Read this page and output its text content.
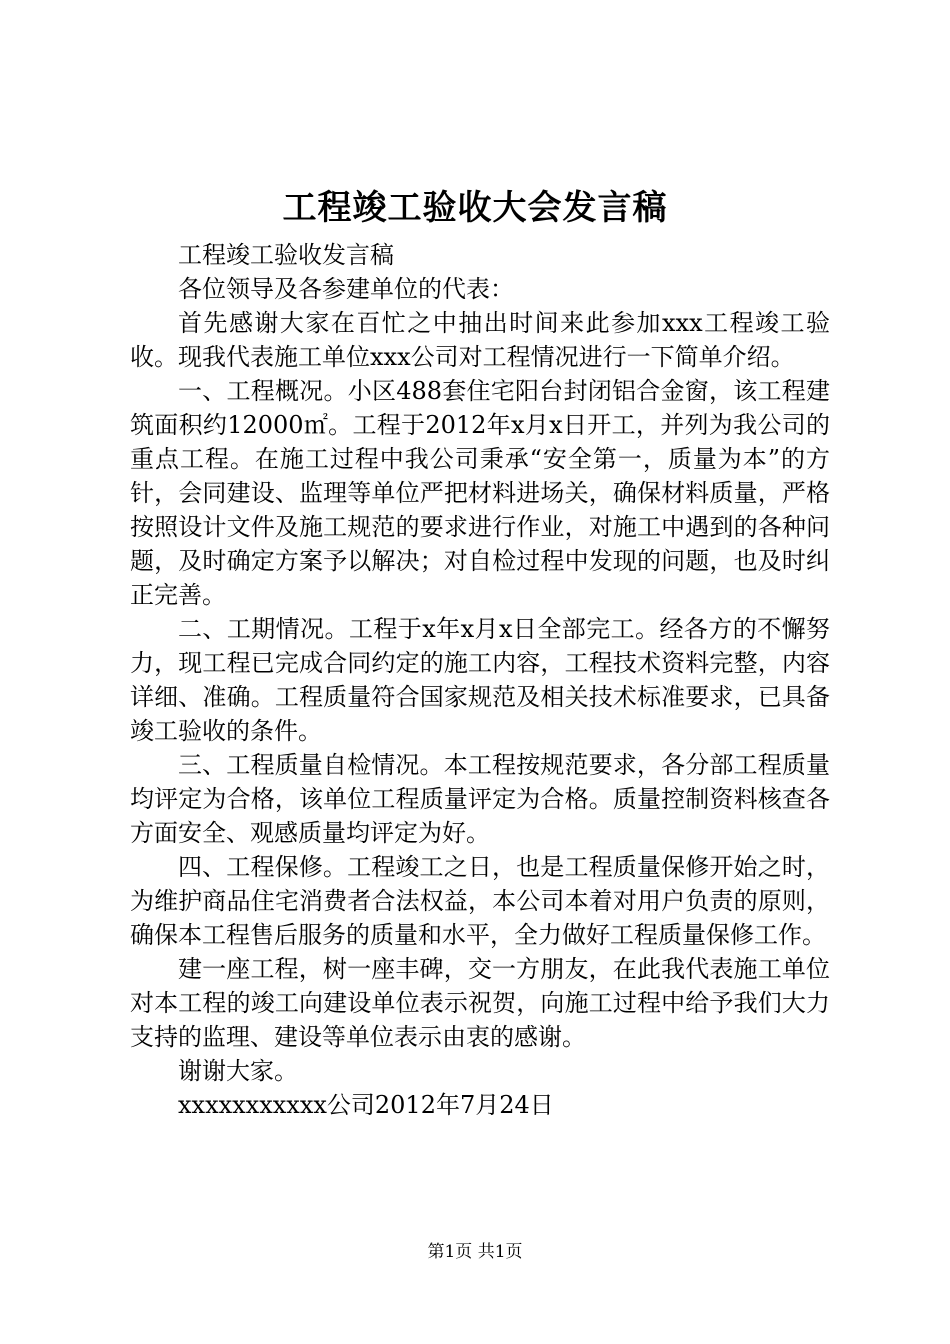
工程竣工验收大会发言稿

工程竣工验收发言稿

各位领导及各参建单位的代表：

首先感谢大家在百忙之中抽出时间来此参加xxx工程竣工验收。现我代表施工单位xxx公司对工程情况进行一下简单介绍。

一、工程概况。小区488套住宅阳台封闭铝合金窗，该工程建筑面积约12000㎡。工程于2012年x月x日开工，并列为我公司的重点工程。在施工过程中我公司秉承“安全第一，质量为本”的方针，会同建设、监理等单位严把材料进场关，确保材料质量，严格按照设计文件及施工规范的要求进行作业，对施工中遇到的各种问题，及时确定方案予以解决；对自检过程中发现的问题，也及时纠正完善。

二、工期情况。工程于x年x月x日全部完工。经各方的不懈努力，现工程已完成合同约定的施工内容，工程技术资料完整，内容详细、准确。工程质量符合国家规范及相关技术标准要求，已具备竣工验收的条件。

三、工程质量自检情况。本工程按规范要求，各分部工程质量均评定为合格，该单位工程质量评定为合格。质量控制资料核查各方面安全、观感质量均评定为好。

四、工程保修。工程竣工之日，也是工程质量保修开始之时，为维护商品住宅消费者合法权益，本公司本着对用户负责的原则，确保本工程售后服务的质量和水平，全力做好工程质量保修工作。

建一座工程，树一座丰碑，交一方朋友，在此我代表施工单位对本工程的竣工向建设单位表示祝贺，向施工过程中给予我们大力支持的监理、建设等单位表示由衷的感谢。

谢谢大家。

xxxxxxxxxxx公司2012年7月24日

第1页 共1页
